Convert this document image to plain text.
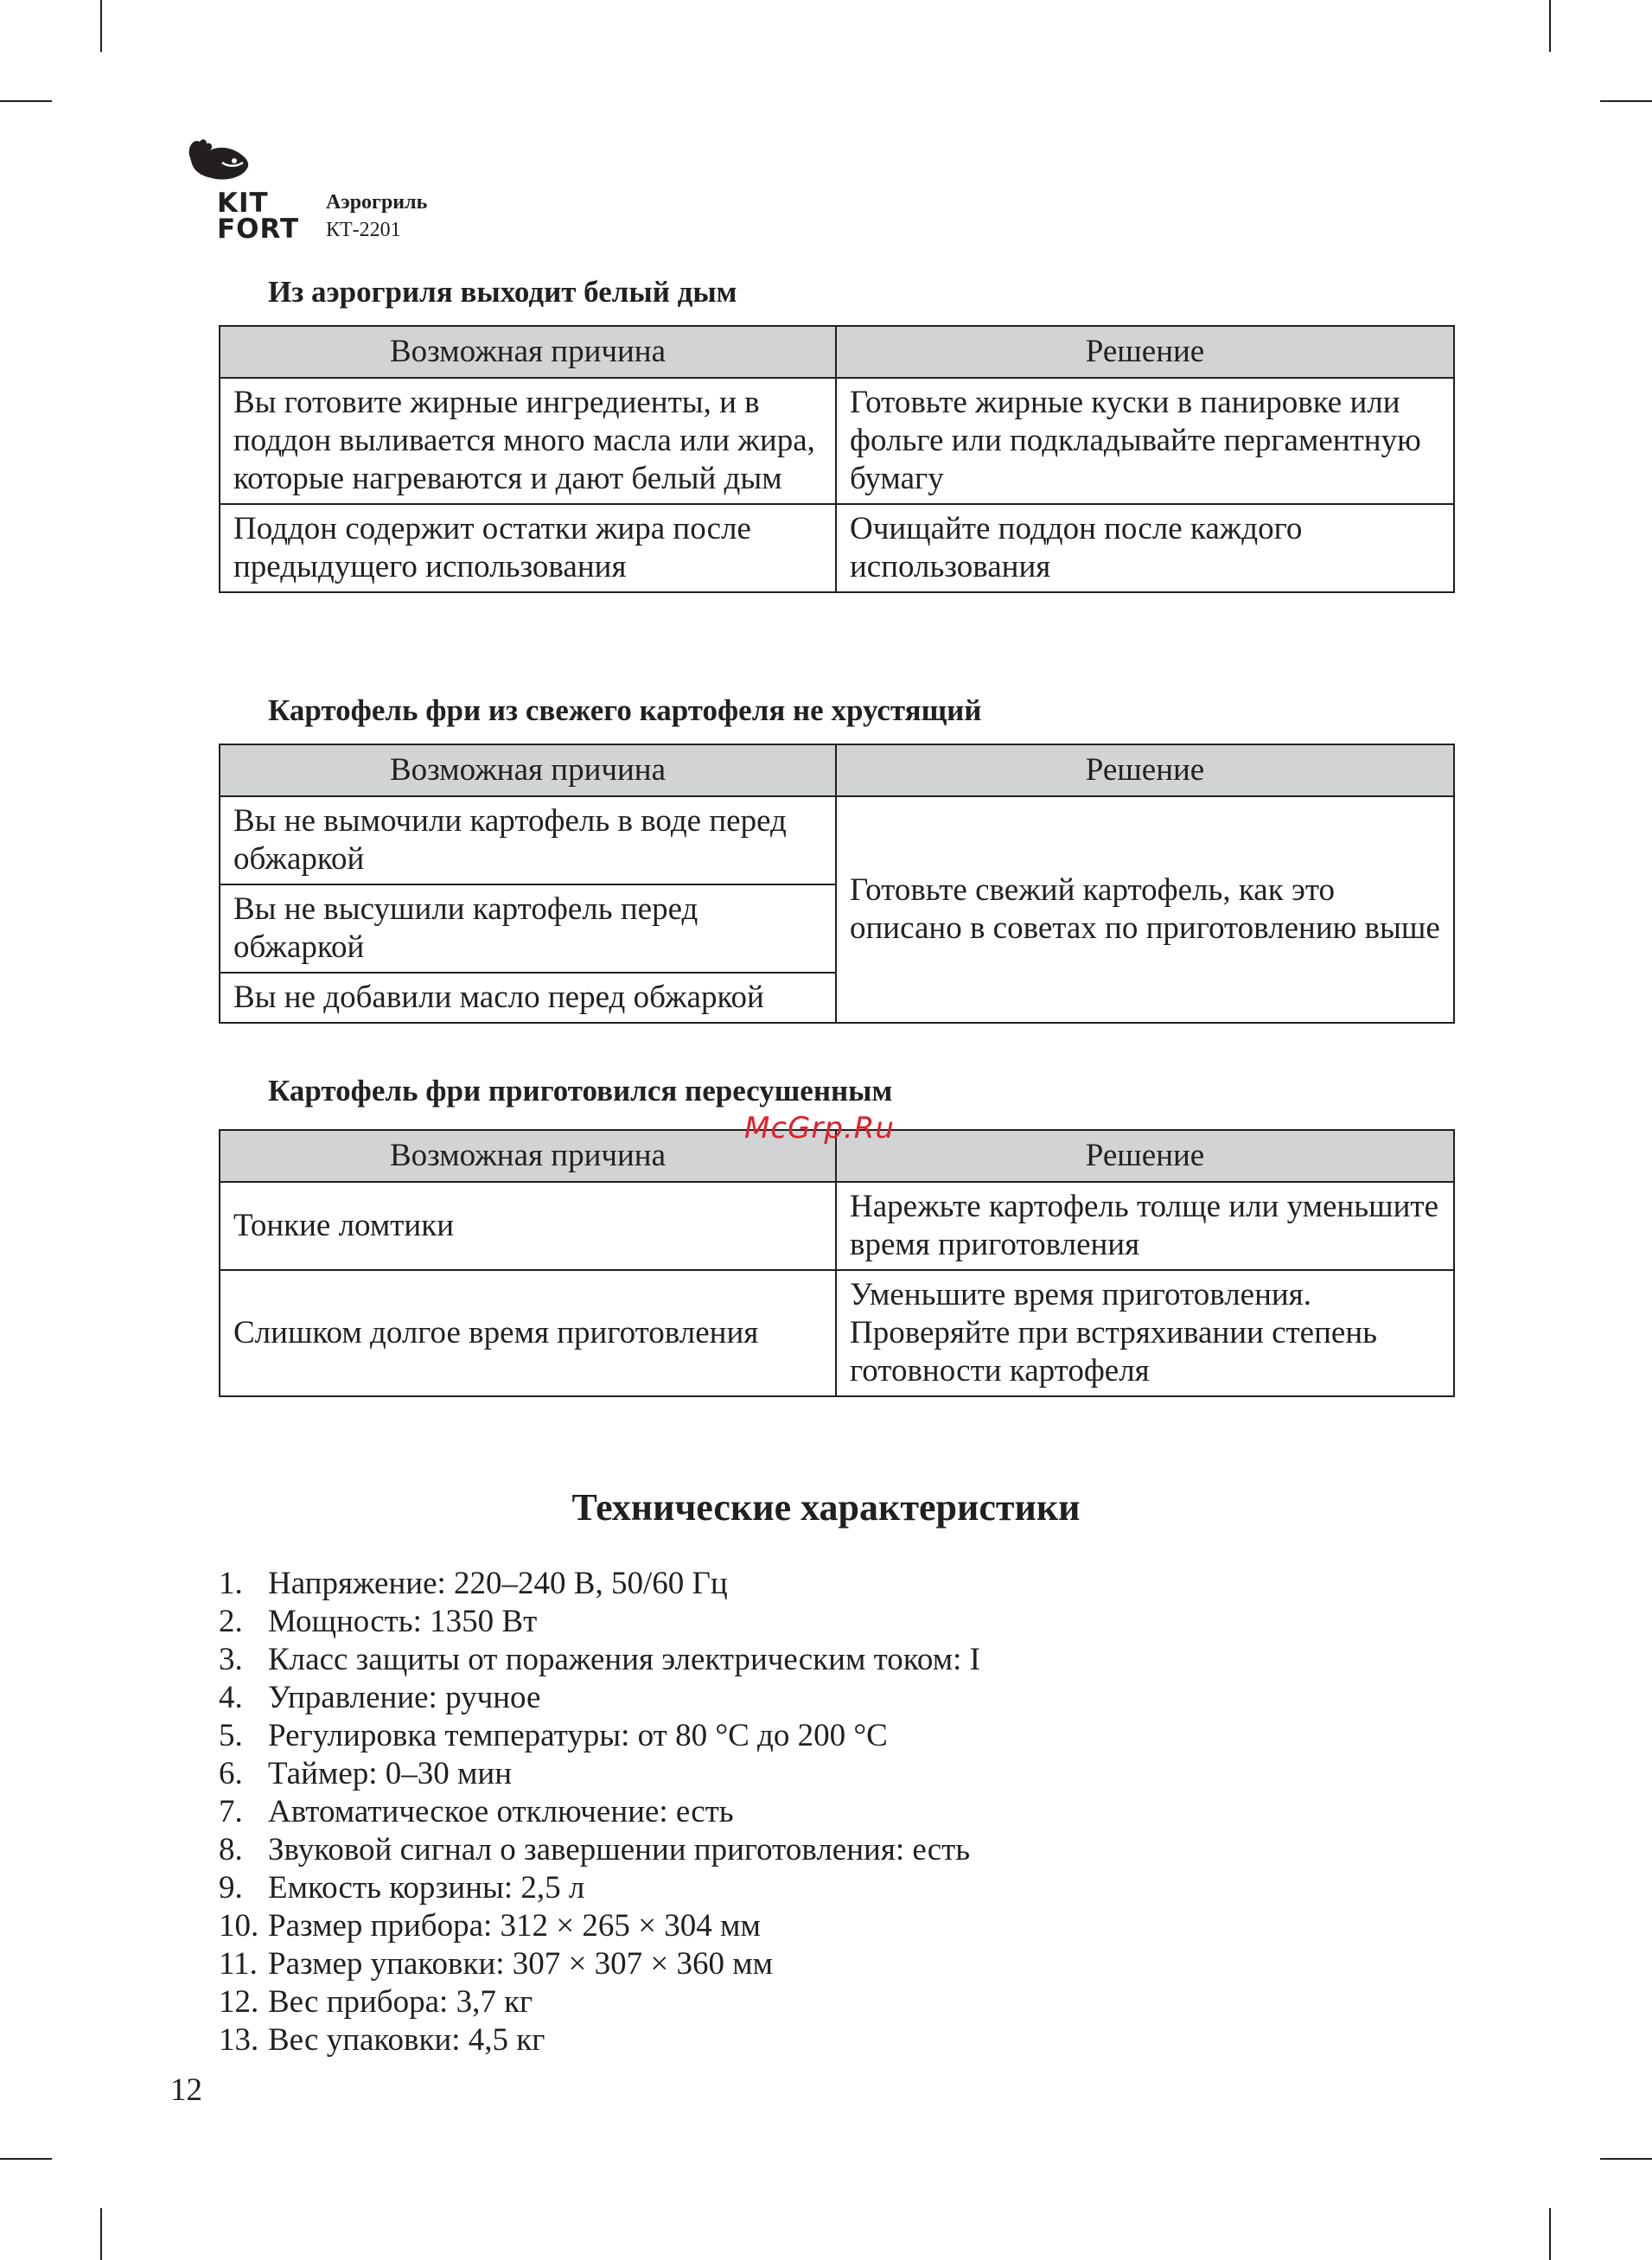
KIT
FORT
Аэрогриль
КТ-2201
Из аэрогриля выходит белый дым
Возможная причина	Решение
Вы готовите жирные ингредиенты, и в поддон выливается много масла или жира, которые нагреваются и дают белый дым	Готовьте жирные куски в панировке или фольге или подкладывайте пергаментную бумагу
Поддон содержит остатки жира после предыдущего использования	Очищайте поддон после каждого использования
Картофель фри из свежего картофеля не хрустящий
Возможная причина	Решение
Вы не вымочили картофель в воде перед обжаркой	Готовьте свежий картофель, как это описано в советах по приготовлению выше
Вы не высушили картофель перед обжаркой	
Вы не добавили масло перед обжаркой	
Картофель фри приготовился пересушенным
Возможная причина	Решение
Тонкие ломтики	Нарежьте картофель толще или уменьшите время приготовления
Слишком долгое время приготовления	Уменьшите время приготовления. Проверяйте при встряхивании степень готовности картофеля
McGrp.Ru
Технические характеристики
1. Напряжение: 220–240 В, 50/60 Гц
2. Мощность: 1350 Вт
3. Класс защиты от поражения электрическим током: I
4. Управление: ручное
5. Регулировка температуры: от 80 °С до 200 °С
6. Таймер: 0–30 мин
7. Автоматическое отключение: есть
8. Звуковой сигнал о завершении приготовления: есть
9. Емкость корзины: 2,5 л
10. Размер прибора: 312 × 265 × 304 мм
11. Размер упаковки: 307 × 307 × 360 мм
12. Вес прибора: 3,7 кг
13. Вес упаковки: 4,5 кг
12
